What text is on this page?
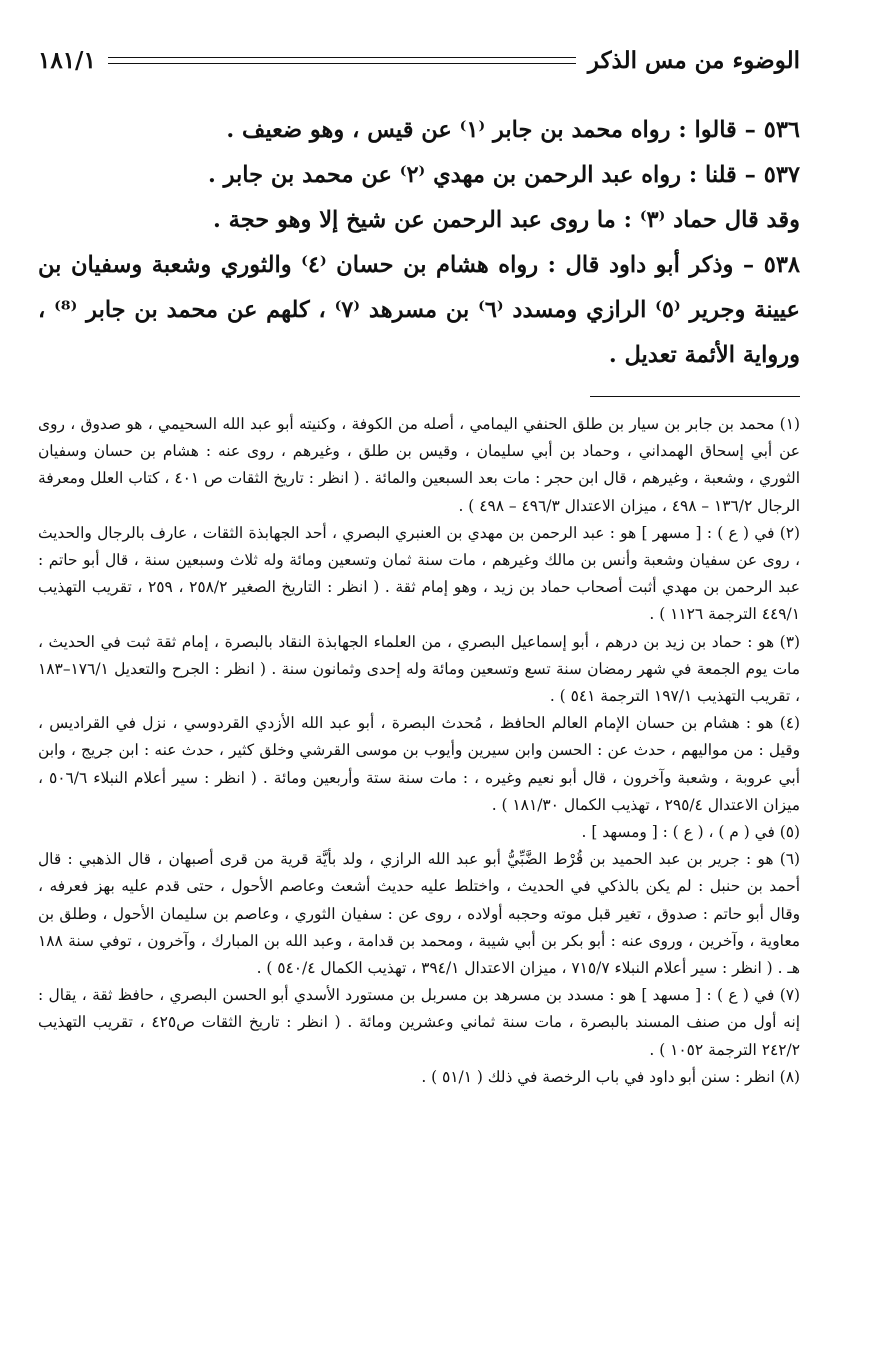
الوضوء من مس الذكر
١٨١/١

٥٣٦ – قالوا : رواه محمد بن جابر ⁽١⁾ عن قيس ، وهو ضعيف .

٥٣٧ – قلنا : رواه عبد الرحمن بن مهدي ⁽٢⁾ عن محمد بن جابر .

وقد قال حماد ⁽٣⁾ : ما روى عبد الرحمن عن شيخ إلا وهو حجة .

٥٣٨ – وذكر أبو داود قال : رواه هشام بن حسان ⁽٤⁾ والثوري وشعبة وسفيان بن عيينة وجرير ⁽٥⁾ الرازي ومسدد ⁽٦⁾ بن مسرهد ⁽٧⁾ ، كلهم عن محمد بن جابر ⁽⁸⁾ ، ورواية الأئمة تعديل .

(١) محمد بن جابر بن سيار بن طلق الحنفي اليمامي ، أصله من الكوفة ، وكنيته أبو عبد الله السحيمي ، هو صدوق ، روى عن أبي إسحاق الهمداني ، وحماد بن أبي سليمان ، وقيس بن طلق ، وغيرهم ، روى عنه : هشام بن حسان وسفيان الثوري ، وشعبة ، وغيرهم ، قال ابن حجر : مات بعد السبعين والمائة . ( انظر : تاريخ الثقات ص ٤٠١ ، كتاب العلل ومعرفة الرجال ١٣٦/٢ – ٤٩٨ ، ميزان الاعتدال ٤٩٦/٣ – ٤٩٨ ) .

(٢) في ( ع ) : [ مسهر ] هو : عبد الرحمن بن مهدي بن العنبري البصري ، أحد الجهابذة الثقات ، عارف بالرجال والحديث ، روى عن سفيان وشعبة وأنس بن مالك وغيرهم ، مات سنة ثمان وتسعين ومائة وله ثلاث وسبعين سنة ، قال أبو حاتم : عبد الرحمن بن مهدي أثبت أصحاب حماد بن زيد ، وهو إمام ثقة . ( انظر : التاريخ الصغير ٢٥٨/٢ ، ٢٥٩ ، تقريب التهذيب ٤٤٩/١ الترجمة ١١٢٦ ) .

(٣) هو : حماد بن زيد بن درهم ، أبو إسماعيل البصري ، من العلماء الجهابذة النقاد بالبصرة ، إمام ثقة ثبت في الحديث ، مات يوم الجمعة في شهر رمضان سنة تسع وتسعين ومائة وله إحدى وثمانون سنة . ( انظر : الجرح والتعديل ١٧٦/١–١٨٣ ، تقريب التهذيب ١٩٧/١ الترجمة ٥٤١ ) .

(٤) هو : هشام بن حسان الإمام العالم الحافظ ، مُحدث البصرة ، أبو عبد الله الأزدي القردوسي ، نزل في القراديس ، وقيل : من مواليهم ، حدث عن : الحسن وابن سيرين وأيوب بن موسى القرشي وخلق كثير ، حدث عنه : ابن جريج ، وابن أبي عروبة ، وشعبة وآخرون ، قال أبو نعيم وغيره ، : مات سنة ستة وأربعين ومائة . ( انظر : سير أعلام النبلاء ٥٠٦/٦ ، ميزان الاعتدال ٢٩٥/٤ ، تهذيب الكمال ١٨١/٣٠ ) .

(٥) في ( م ) ، ( ع ) : [ ومسهد ] .

(٦) هو : جرير بن عبد الحميد بن قُرْط الضَّبِّيُّ أبو عبد الله الرازي ، ولد بأيَّة قرية من قرى أصبهان ، قال الذهبي : قال أحمد بن حنبل : لم يكن بالذكي في الحديث ، واختلط عليه حديث أشعث وعاصم الأحول ، حتى قدم عليه بهز فعرفه ، وقال أبو حاتم : صدوق ، تغير قبل موته وحجبه أولاده ، روى عن : سفيان الثوري ، وعاصم بن سليمان الأحول ، وطلق بن معاوية ، وآخرين ، وروى عنه : أبو بكر بن أبي شيبة ، ومحمد بن قدامة ، وعبد الله بن المبارك ، وآخرون ، توفي سنة ١٨٨ هـ . ( انظر : سير أعلام النبلاء ٧١٥/٧ ، ميزان الاعتدال ٣٩٤/١ ، تهذيب الكمال ٥٤٠/٤ ) .

(٧) في ( ع ) : [ مسهد ] هو : مسدد بن مسرهد بن مسربل بن مستورد الأسدي أبو الحسن البصري ، حافظ ثقة ، يقال : إنه أول من صنف المسند بالبصرة ، مات سنة ثماني وعشرين ومائة . ( انظر : تاريخ الثقات ص٤٢٥ ، تقريب التهذيب ٢٤٢/٢ الترجمة ١٠٥٢ ) .

(٨) انظر : سنن أبو داود في باب الرخصة في ذلك ( ٥١/١ ) .
